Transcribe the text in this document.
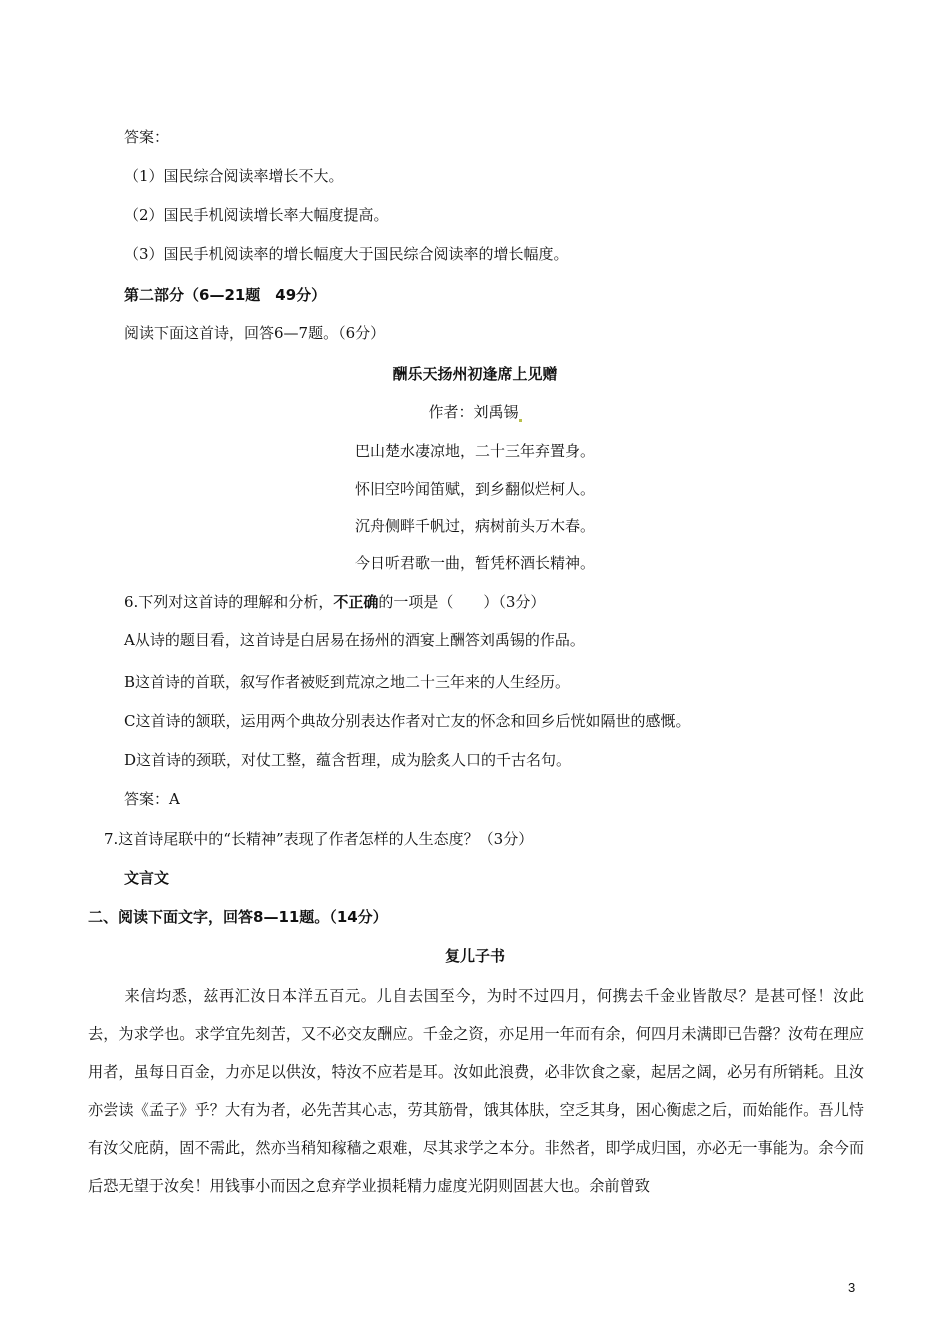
答案：
（1）国民综合阅读率增长不大。
（2）国民手机阅读增长率大幅度提高。
（3）国民手机阅读率的增长幅度大于国民综合阅读率的增长幅度。
第二部分（6—21题　49分）
阅读下面这首诗，回答6—7题。（6分）
酬乐天扬州初逢席上见赠
作者：刘禹锡
巴山楚水凄凉地，二十三年弃置身。
怀旧空吟闻笛赋，到乡翻似烂柯人。
沉舟侧畔千帆过，病树前头万木春。
今日听君歌一曲，暂凭杯酒长精神。
6.下列对这首诗的理解和分析，不正确的一项是（　　）（3分）
A从诗的题目看，这首诗是白居易在扬州的酒宴上酬答刘禹锡的作品。
B这首诗的首联，叙写作者被贬到荒凉之地二十三年来的人生经历。
C这首诗的颔联，运用两个典故分别表达作者对亡友的怀念和回乡后恍如隔世的感慨。
D这首诗的颈联，对仗工整，蕴含哲理，成为脍炙人口的千古名句。
答案：A
7.这首诗尾联中的“长精神”表现了作者怎样的人生态度？（3分）
文言文
二、阅读下面文字，回答8—11题。（14分）
复儿子书
来信均悉，兹再汇汝日本洋五百元。儿自去国至今，为时不过四月，何携去千金业皆散尽？是甚可怪！汝此去，为求学也。求学宜先刻苦，又不必交友酬应。千金之资，亦足用一年而有余，何四月未满即已告罄？汝苟在理应用者，虽每日百金，力亦足以供汝，特汝不应若是耳。汝如此浪费，必非饮食之豪，起居之阔，必另有所销耗。且汝亦尝读《孟子》乎？大有为者，必先苦其心志，劳其筋骨，饿其体肤，空乏其身，困心衡虑之后，而始能作。吾儿恃有汝父庇荫，固不需此，然亦当稍知稼穑之艰难，尽其求学之本分。非然者，即学成归国，亦必无一事能为。余今而后恐无望于汝矣！用钱事小而因之怠弃学业损耗精力虚度光阴则固甚大也。余前曾致
3
